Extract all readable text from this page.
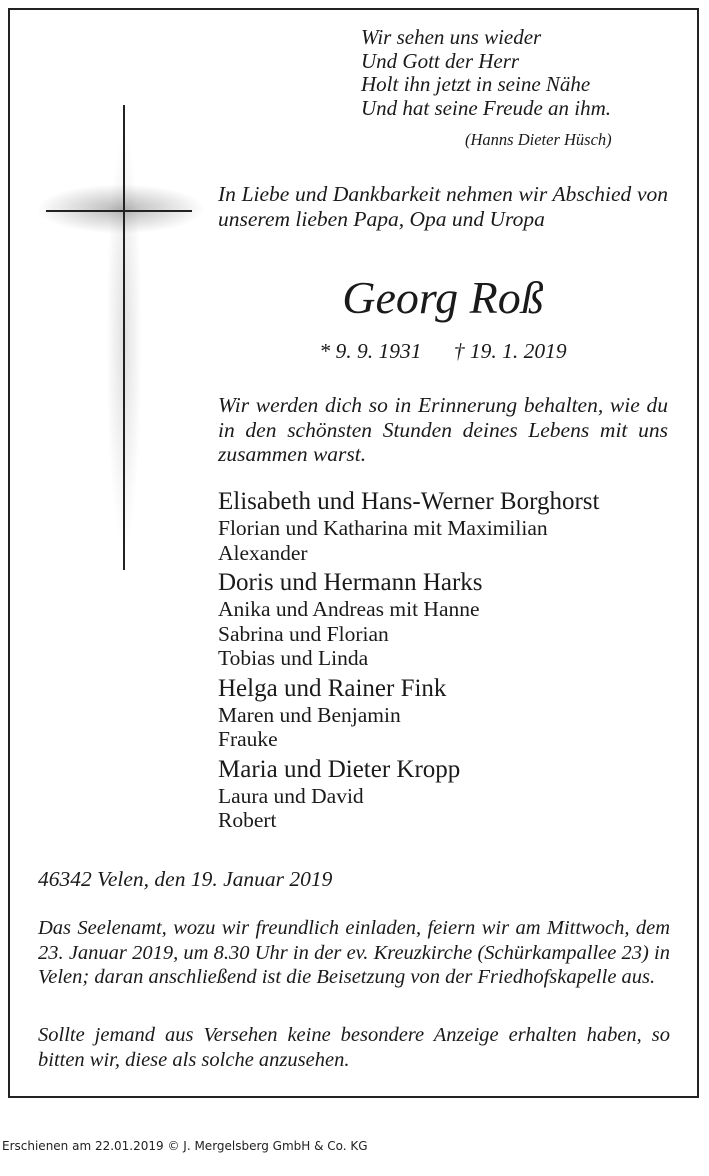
Wir sehen uns wieder
Und Gott der Herr
Holt ihn jetzt in seine Nähe
Und hat seine Freude an ihm.
(Hanns Dieter Hüsch)
In Liebe und Dankbarkeit nehmen wir Abschied von unserem lieben Papa, Opa und Uropa
Georg Roß
* 9. 9. 1931 † 19. 1. 2019
Wir werden dich so in Erinnerung behalten, wie du in den schönsten Stunden deines Lebens mit uns zusammen warst.
Elisabeth und Hans-Werner Borghorst
Florian und Katharina mit Maximilian
Alexander
Doris und Hermann Harks
Anika und Andreas mit Hanne
Sabrina und Florian
Tobias und Linda
Helga und Rainer Fink
Maren und Benjamin
Frauke
Maria und Dieter Kropp
Laura und David
Robert
46342 Velen, den 19. Januar 2019
Das Seelenamt, wozu wir freundlich einladen, feiern wir am Mittwoch, dem 23. Januar 2019, um 8.30 Uhr in der ev. Kreuzkirche (Schürkampallee 23) in Velen; daran anschließend ist die Beisetzung von der Friedhofskapelle aus.
Sollte jemand aus Versehen keine besondere Anzeige erhalten haben, so bitten wir, diese als solche anzusehen.
Erschienen am 22.01.2019 © J. Mergelsberg GmbH & Co. KG
